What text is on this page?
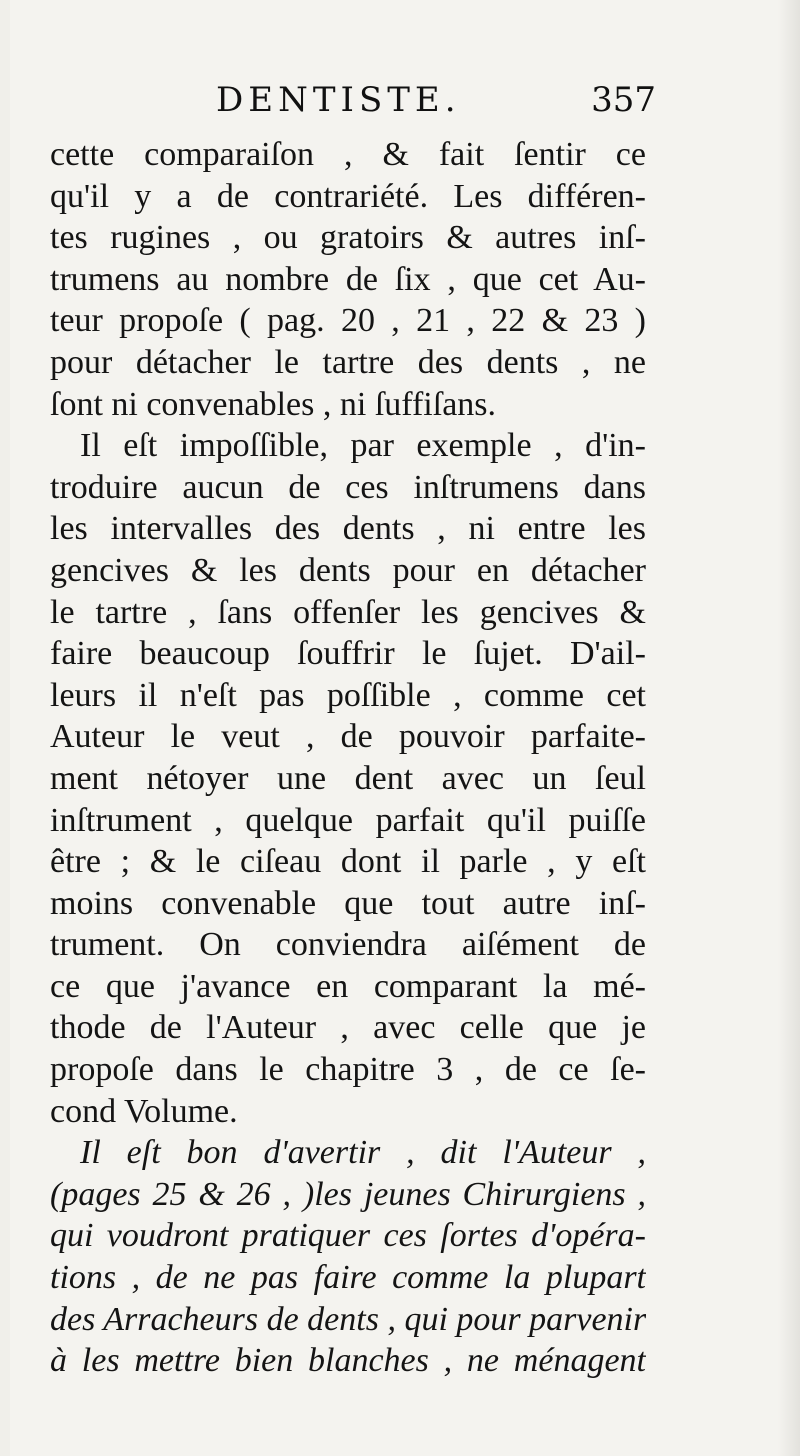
DENTISTE.	357
cette comparaiſon , & fait ſentir ce
qu'il y a de contrariété. Les différen-
tes rugines , ou gratoirs & autres inſ-
trumens au nombre de ſix , que cet Au-
teur propoſe ( pag. 20 , 21 , 22 & 23 )
pour détacher le tartre des dents , ne
ſont ni convenables , ni ſuffiſans.
Il eſt impoſſible, par exemple , d'in-
troduire aucun de ces inſtrumens dans
les intervalles des dents , ni entre les
gencives & les dents pour en détacher
le tartre , ſans offenſer les gencives &
faire beaucoup ſouffrir le ſujet. D'ail-
leurs il n'eſt pas poſſible , comme cet
Auteur le veut , de pouvoir parfaite-
ment nétoyer une dent avec un ſeul
inſtrument , quelque parfait qu'il puiſſe
être ; & le ciſeau dont il parle , y eſt
moins convenable que tout autre inſ-
trument. On conviendra aiſément de
ce que j'avance en comparant la mé-
thode de l'Auteur , avec celle que je
propoſe dans le chapitre 3 , de ce ſe-
cond Volume.
Il eſt bon d'avertir , dit l'Auteur ,
(pages 25 & 26 , )les jeunes Chirurgiens ,
qui voudront pratiquer ces ſortes d'opéra-
tions , de ne pas faire comme la plupart
des Arracheurs de dents , qui pour parvenir
à les mettre bien blanches , ne ménagent
